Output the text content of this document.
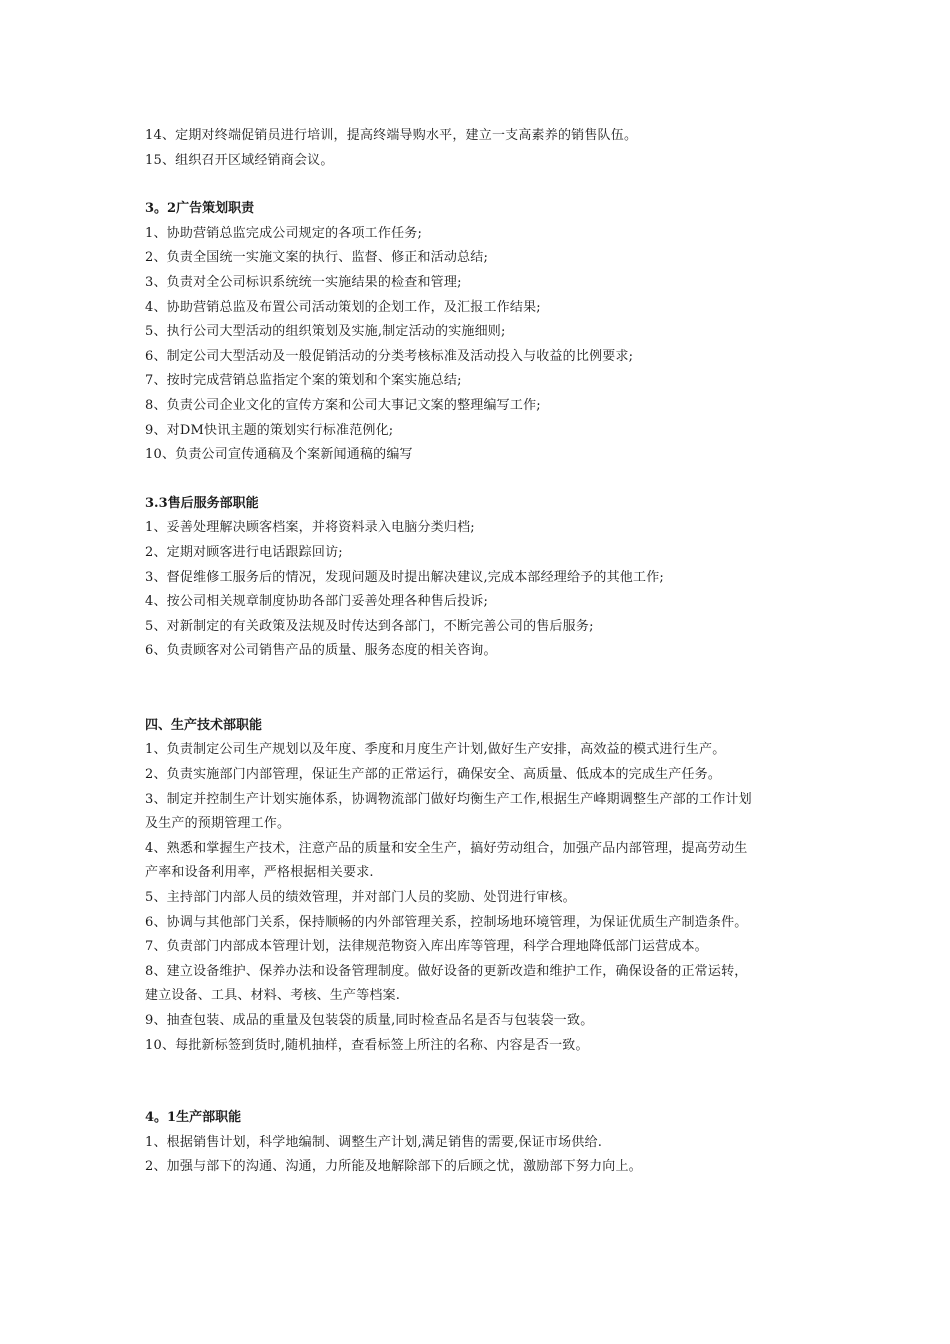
14、定期对终端促销员进行培训，提高终端导购水平，建立一支高素养的销售队伍。
15、组织召开区域经销商会议。
3。2广告策划职责
1、协助营销总监完成公司规定的各项工作任务;
2、负责全国统一实施文案的执行、监督、修正和活动总结;
3、负责对全公司标识系统统一实施结果的检查和管理;
4、协助营销总监及布置公司活动策划的企划工作，及汇报工作结果;
5、执行公司大型活动的组织策划及实施,制定活动的实施细则;
6、制定公司大型活动及一般促销活动的分类考核标准及活动投入与收益的比例要求;
7、按时完成营销总监指定个案的策划和个案实施总结;
8、负责公司企业文化的宣传方案和公司大事记文案的整理编写工作;
9、对DM快讯主题的策划实行标准范例化;
10、负责公司宣传通稿及个案新闻通稿的编写
3.3售后服务部职能
1、妥善处理解决顾客档案，并将资料录入电脑分类归档;
2、定期对顾客进行电话跟踪回访;
3、督促维修工服务后的情况，发现问题及时提出解决建议,完成本部经理给予的其他工作;
4、按公司相关规章制度协助各部门妥善处理各种售后投诉;
5、对新制定的有关政策及法规及时传达到各部门，不断完善公司的售后服务;
6、负责顾客对公司销售产品的质量、服务态度的相关咨询。
四、生产技术部职能
1、负责制定公司生产规划以及年度、季度和月度生产计划,做好生产安排，高效益的模式进行生产。
2、负责实施部门内部管理，保证生产部的正常运行，确保安全、高质量、低成本的完成生产任务。
3、制定并控制生产计划实施体系，协调物流部门做好均衡生产工作,根据生产峰期调整生产部的工作计划
及生产的预期管理工作。
4、熟悉和掌握生产技术，注意产品的质量和安全生产，搞好劳动组合，加强产品内部管理，提高劳动生
产率和设备利用率，严格根据相关要求.
5、主持部门内部人员的绩效管理，并对部门人员的奖励、处罚进行审核。
6、协调与其他部门关系，保持顺畅的内外部管理关系，控制场地环境管理，为保证优质生产制造条件。
7、负责部门内部成本管理计划，法律规范物资入库出库等管理，科学合理地降低部门运营成本。
8、建立设备维护、保养办法和设备管理制度。做好设备的更新改造和维护工作，确保设备的正常运转，
建立设备、工具、材料、考核、生产等档案.
9、抽查包装、成品的重量及包装袋的质量,同时检查品名是否与包装袋一致。
10、每批新标签到货时,随机抽样，查看标签上所注的名称、内容是否一致。
4。1生产部职能
1、根据销售计划，科学地编制、调整生产计划,满足销售的需要,保证市场供给.
2、加强与部下的沟通、沟通，力所能及地解除部下的后顾之忧，激励部下努力向上。
